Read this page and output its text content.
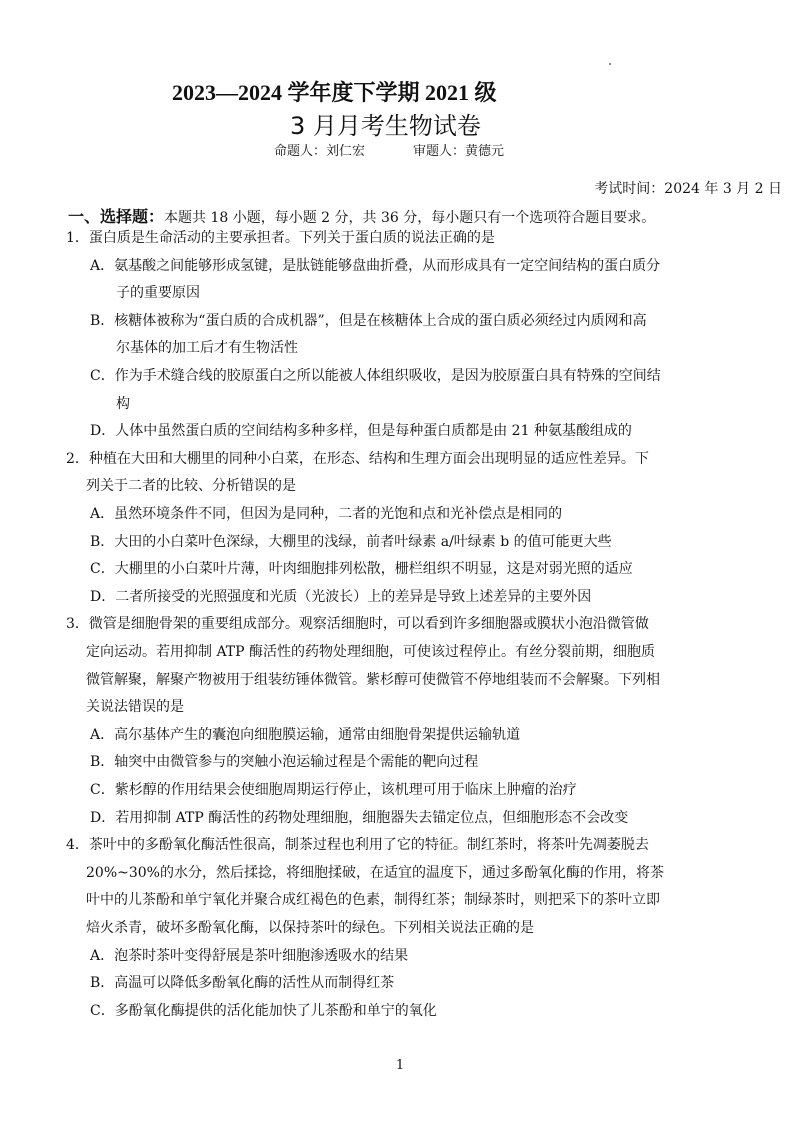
2023—2024 学年度下学期 2021 级
3 月月考生物试卷
命题人：刘仁宏	审题人：黄德元
考试时间：2024 年 3 月 2 日
一、选择题：本题共 18 小题，每小题 2 分，共 36 分，每小题只有一个选项符合题目要求。
1．蛋白质是生命活动的主要承担者。下列关于蛋白质的说法正确的是
A．氨基酸之间能够形成氢键，是肽链能够盘曲折叠，从而形成具有一定空间结构的蛋白质分
子的重要原因
B．核糖体被称为“蛋白质的合成机器”，但是在核糖体上合成的蛋白质必须经过内质网和高
尔基体的加工后才有生物活性
C．作为手术缝合线的胶原蛋白之所以能被人体组织吸收，是因为胶原蛋白具有特殊的空间结
构
D．人体中虽然蛋白质的空间结构多种多样，但是每种蛋白质都是由 21 种氨基酸组成的
2．种植在大田和大棚里的同种小白菜，在形态、结构和生理方面会出现明显的适应性差异。下
列关于二者的比较、分析错误的是
A．虽然环境条件不同，但因为是同种，二者的光饱和点和光补偿点是相同的
B．大田的小白菜叶色深绿，大棚里的浅绿，前者叶绿素 a/叶绿素 b 的值可能更大些
C．大棚里的小白菜叶片薄，叶肉细胞排列松散，栅栏组织不明显，这是对弱光照的适应
D．二者所接受的光照强度和光质（光波长）上的差异是导致上述差异的主要外因
3．微管是细胞骨架的重要组成部分。观察活细胞时，可以看到许多细胞器或膜状小泡沿微管做
定向运动。若用抑制 ATP 酶活性的药物处理细胞，可使该过程停止。有丝分裂前期，细胞质
微管解聚，解聚产物被用于组装纺锤体微管。紫杉醇可使微管不停地组装而不会解聚。下列相
关说法错误的是
A．高尔基体产生的囊泡向细胞膜运输，通常由细胞骨架提供运输轨道
B．轴突中由微管参与的突触小泡运输过程是个需能的靶向过程
C．紫杉醇的作用结果会使细胞周期运行停止，该机理可用于临床上肿瘤的治疗
D．若用抑制 ATP 酶活性的药物处理细胞，细胞器失去锚定位点，但细胞形态不会改变
4．茶叶中的多酚氧化酶活性很高，制茶过程也利用了它的特征。制红茶时，将茶叶先凋萎脱去
20%~30%的水分，然后揉捻，将细胞揉破，在适宜的温度下，通过多酚氧化酶的作用，将茶
叶中的儿茶酚和单宁氧化并聚合成红褐色的色素，制得红茶；制绿茶时，则把采下的茶叶立即
焙火杀青，破坏多酚氧化酶，以保持茶叶的绿色。下列相关说法正确的是
A．泡茶时茶叶变得舒展是茶叶细胞渗透吸水的结果
B．高温可以降低多酚氧化酶的活性从而制得红茶
C．多酚氧化酶提供的活化能加快了儿茶酚和单宁的氧化
1
